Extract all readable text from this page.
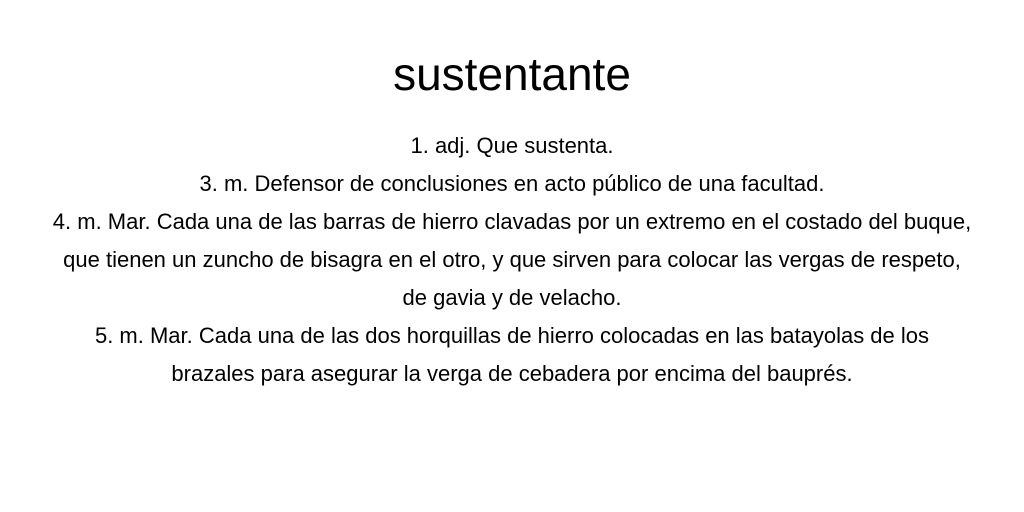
sustentante
1. adj. Que sustenta.
3. m. Defensor de conclusiones en acto público de una facultad.
4. m. Mar. Cada una de las barras de hierro clavadas por un extremo en el costado del buque, que tienen un zuncho de bisagra en el otro, y que sirven para colocar las vergas de respeto, de gavia y de velacho.
5. m. Mar. Cada una de las dos horquillas de hierro colocadas en las batayolas de los brazales para asegurar la verga de cebadera por encima del bauprés.
